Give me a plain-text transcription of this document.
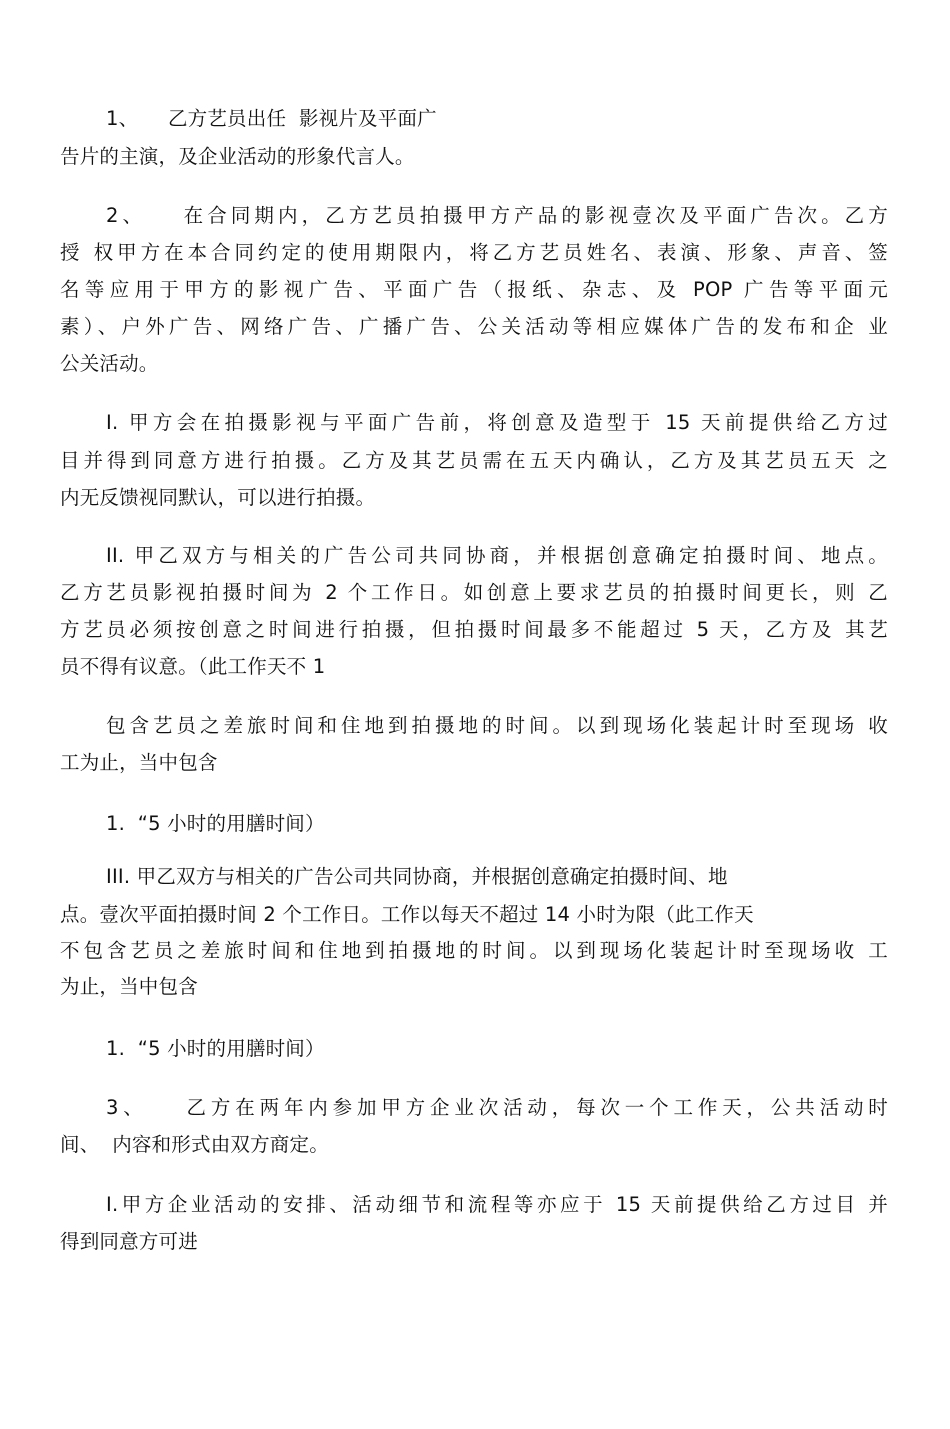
1、　　乙方艺员出任  影视片及平面广
告片的主演，及企业活动的形象代言人。
2、　　在合同期内，乙方艺员拍摄甲方产品的影视壹次及平面广告次。乙方
授 权甲方在本合同约定的使用期限内，将乙方艺员姓名、表演、形象、声音、签
名等应用于甲方的影视广告、平面广告（报纸、杂志、及 POP 广告等平面元
素）、户外广告、网络广告、广播广告、公关活动等相应媒体广告的发布和企 业
公关活动。
I. 甲方会在拍摄影视与平面广告前，将创意及造型于 15 天前提供给乙方过
目并得到同意方进行拍摄。乙方及其艺员需在五天内确认，乙方及其艺员五天 之
内无反馈视同默认，可以进行拍摄。
II. 甲乙双方与相关的广告公司共同协商，并根据创意确定拍摄时间、地点。
乙方艺员影视拍摄时间为 2 个工作日。如创意上要求艺员的拍摄时间更长，则 乙
方艺员必须按创意之时间进行拍摄，但拍摄时间最多不能超过 5 天，乙方及 其艺
员不得有议意。（此工作天不 1
包含艺员之差旅时间和住地到拍摄地的时间。以到现场化装起计时至现场 收
工为止，当中包含
1.  “5 小时的用膳时间）
III. 甲乙双方与相关的广告公司共同协商，并根据创意确定拍摄时间、地
点。壹次平面拍摄时间 2 个工作日。工作以每天不超过 14 小时为限（此工作天
不包含艺员之差旅时间和住地到拍摄地的时间。以到现场化装起计时至现场收 工
为止，当中包含
1.  “5 小时的用膳时间）
3、　　乙方在两年内参加甲方企业次活动，每次一个工作天，公共活动时
间、  内容和形式由双方商定。
I.甲方企业活动的安排、活动细节和流程等亦应于 15 天前提供给乙方过目 并
得到同意方可进
